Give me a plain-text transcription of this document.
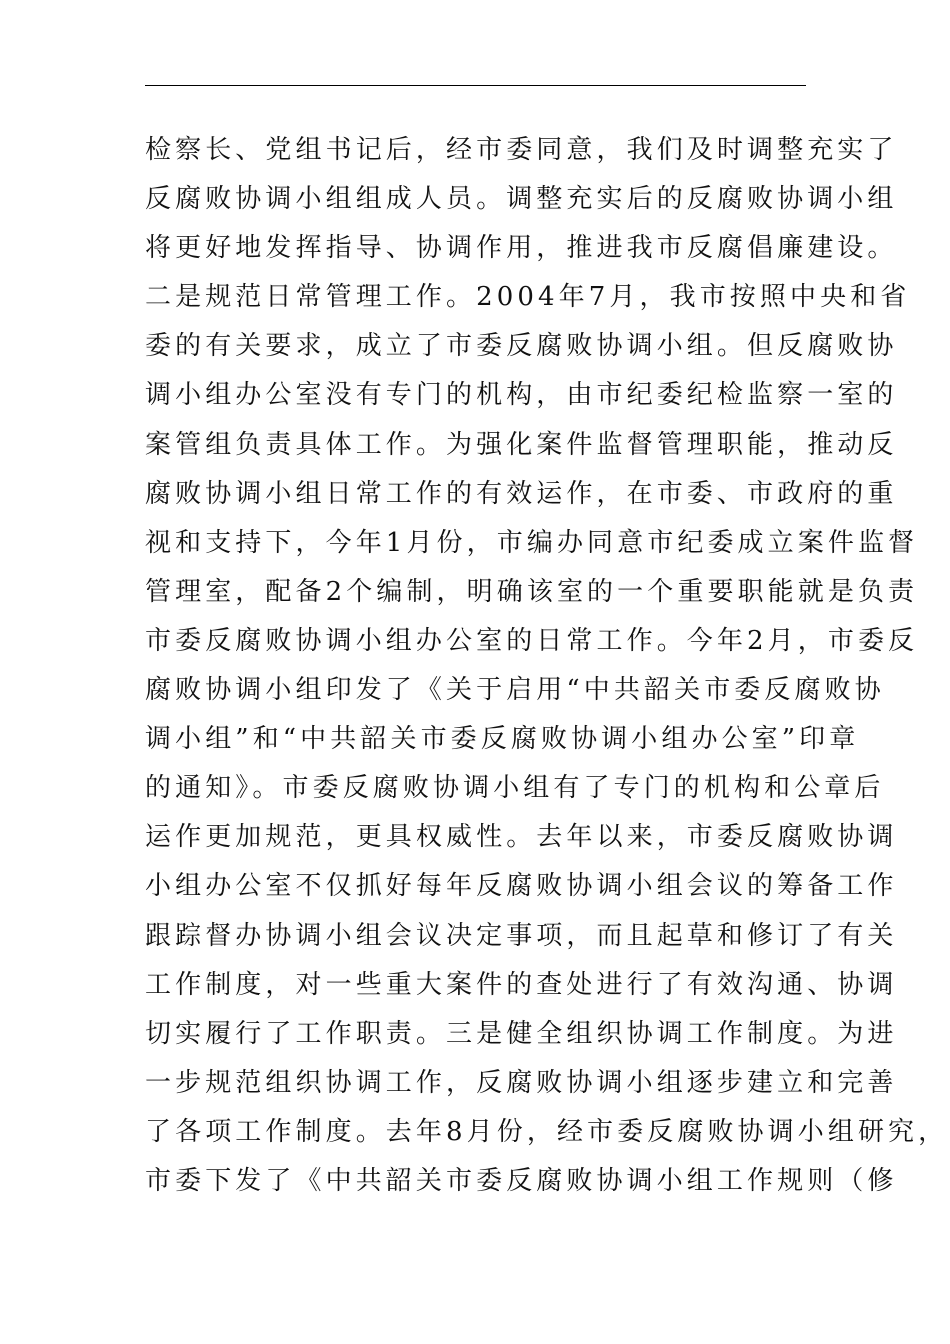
检察长、党组书记后，经市委同意，我们及时调整充实了
反腐败协调小组组成人员。调整充实后的反腐败协调小组
将更好地发挥指导、协调作用，推进我市反腐倡廉建设。
二是规范日常管理工作。2004年7月，我市按照中央和省
委的有关要求，成立了市委反腐败协调小组。但反腐败协
调小组办公室没有专门的机构，由市纪委纪检监察一室的
案管组负责具体工作。为强化案件监督管理职能，推动反
腐败协调小组日常工作的有效运作，在市委、市政府的重
视和支持下，今年1月份，市编办同意市纪委成立案件监督
管理室，配备2个编制，明确该室的一个重要职能就是负责
市委反腐败协调小组办公室的日常工作。今年2月，市委反
腐败协调小组印发了《关于启用“中共韶关市委反腐败协
调小组”和“中共韶关市委反腐败协调小组办公室”印章
的通知》。市委反腐败协调小组有了专门的机构和公章后
运作更加规范，更具权威性。去年以来，市委反腐败协调
小组办公室不仅抓好每年反腐败协调小组会议的筹备工作
跟踪督办协调小组会议决定事项，而且起草和修订了有关
工作制度，对一些重大案件的查处进行了有效沟通、协调
切实履行了工作职责。三是健全组织协调工作制度。为进
一步规范组织协调工作，反腐败协调小组逐步建立和完善
了各项工作制度。去年8月份，经市委反腐败协调小组研究，
市委下发了《中共韶关市委反腐败协调小组工作规则（修
